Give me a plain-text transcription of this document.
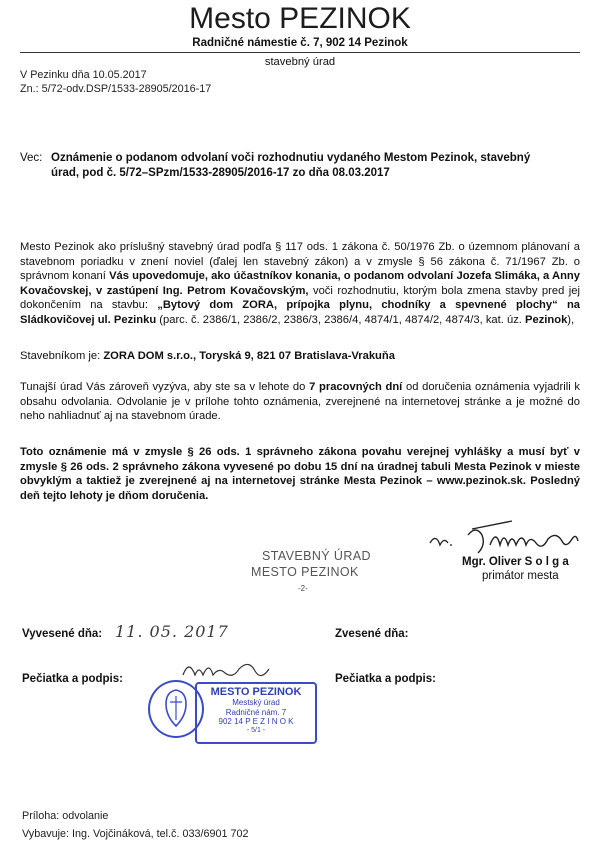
Mesto PEZINOK
Radničné námestie č. 7, 902 14 Pezinok
stavebný úrad
V Pezinku dňa 10.05.2017
Zn.: 5/72-odv.DSP/1533-28905/2016-17
Vec: Oznámenie o podanom odvolaní voči rozhodnutiu vydaného Mestom Pezinok, stavebný
úrad, pod č. 5/72–SPzm/1533-28905/2016-17 zo dňa 08.03.2017
Mesto Pezinok ako príslušný stavebný úrad podľa § 117 ods. 1 zákona č. 50/1976 Zb. o územnom plánovaní a stavebnom poriadku v znení noviel (ďalej len stavebný zákon) a v zmysle § 56 zákona č. 71/1967 Zb. o správnom konaní Vás upovedomuje, ako účastníkov konania, o podanom odvolaní Jozefa Slimáka, a Anny Kovačovskej, v zastúpení Ing. Petrom Kovačovským, voči rozhodnutiu, ktorým bola zmena stavby pred jej dokončením na stavbu: „Bytový dom ZORA, prípojka plynu, chodníky a spevnené plochy“ na Sládkovičovej ul. Pezinku (parc. č. 2386/1, 2386/2, 2386/3, 2386/4, 4874/1, 4874/2, 4874/3, kat. úz. Pezinok),
Stavebníkom je: ZORA DOM s.r.o., Toryská 9, 821 07 Bratislava-Vrakuňa
Tunajší úrad Vás zároveň vyzýva, aby ste sa v lehote do 7 pracovných dní od doručenia oznámenia vyjadrili k obsahu odvolania. Odvolanie je v prílohe tohto oznámenia, zverejnené na internetovej stránke a je možné do neho nahliadnuť aj na stavebnom úrade.
Toto oznámenie má v zmysle § 26 ods. 1 správneho zákona povahu verejnej vyhlášky a musí byť v zmysle § 26 ods. 2 správneho zákona vyvesené po dobu 15 dní na úradnej tabuli Mesta Pezinok v mieste obvyklým a taktiež je zverejnené aj na internetovej stránke Mesta Pezinok – www.pezinok.sk. Posledný deň tejto lehoty je dňom doručenia.
v.z. Vyrmalova
Mgr. Oliver S o l g a
primátor mesta
STAVEBNÝ ÚRAD
MESTO PEZINOK
-2-
Vyvesené dňa: 11. 05. 2017	Zvesené dňa:
Pečiatka a podpis:	Pečiatka a podpis:
MESTO PEZINOK
Mestský úrad
Radničné nám. 7
902 14 P E Z I N O K
- 5/1 -
Príloha: odvolanie
Vybavuje: Ing. Vojčináková, tel.č. 033/6901 702
